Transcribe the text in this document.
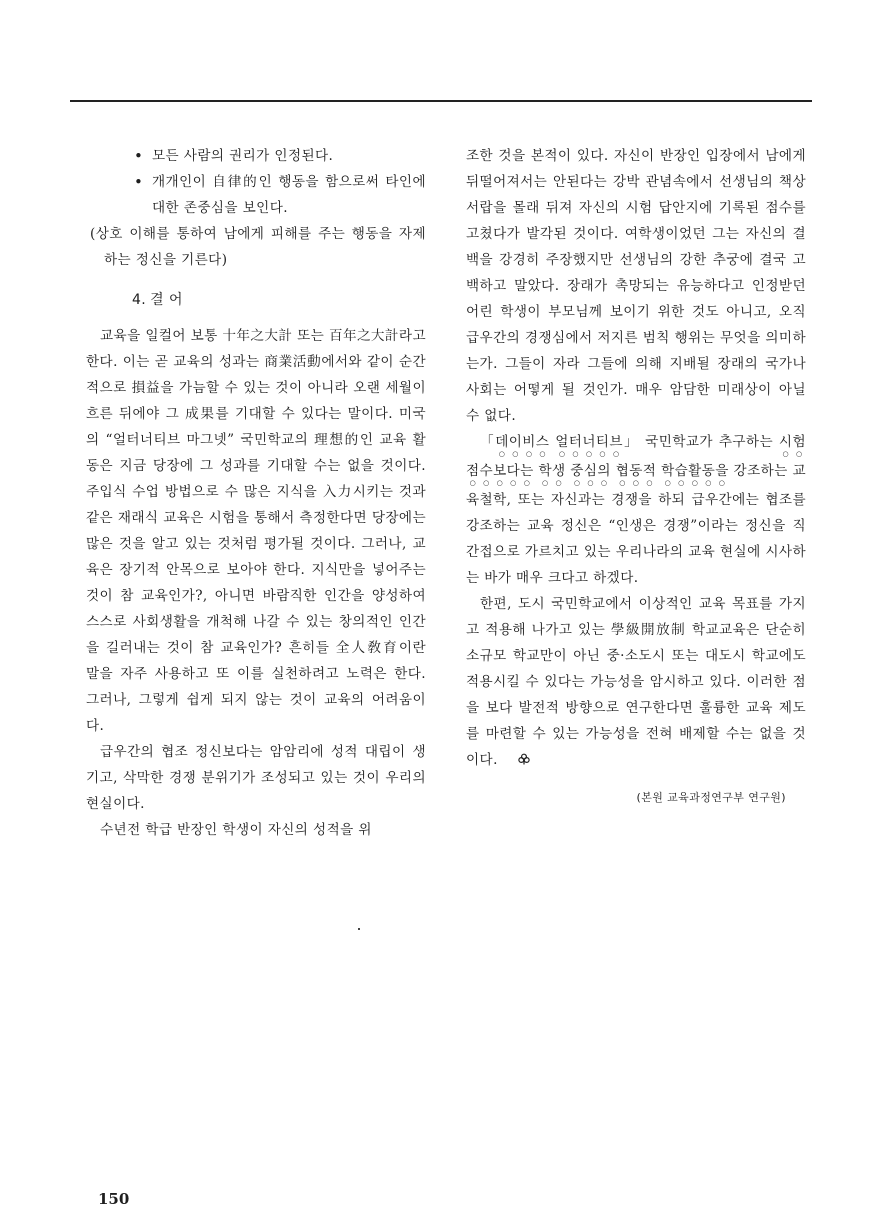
• 모든 사람의 권리가 인정된다.
• 개개인이 自律的인 행동을 함으로써 타인에 대한 존중심을 보인다.

(상호 이해를 통하여 남에게 피해를 주는 행동을 자제하는 정신을 기른다)

4. 결 어

교육을 일컬어 보통 十年之大計 또는 百年之大計라고 한다. 이는 곧 교육의 성과는 商業活動에서와 같이 순간적으로 損益을 가늠할 수 있는 것이 아니라 오랜 세월이 흐른 뒤에야 그 成果를 기대할 수 있다는 말이다. 미국의 “얼터너티브 마그넷” 국민학교의 理想的인 교육 활동은 지금 당장에 그 성과를 기대할 수는 없을 것이다. 주입식 수업 방법으로 수 많은 지식을 入力시키는 것과 같은 재래식 교육은 시험을 통해서 측정한다면 당장에는 많은 것을 알고 있는 것처럼 평가될 것이다. 그러나, 교육은 장기적 안목으로 보아야 한다. 지식만을 넣어주는 것이 참 교육인가?, 아니면 바람직한 인간을 양성하여 스스로 사회생활을 개척해 나갈 수 있는 창의적인 인간을 길러내는 것이 참 교육인가? 흔히들 全人敎育이란 말을 자주 사용하고 또 이를 실천하려고 노력은 한다. 그러나, 그렇게 쉽게 되지 않는 것이 교육의 어려움이다.

급우간의 협조 정신보다는 암암리에 성적 대립이 생기고, 삭막한 경쟁 분위기가 조성되고 있는 것이 우리의 현실이다.

수년전 학급 반장인 학생이 자신의 성적을 위

조한 것을 본적이 있다. 자신이 반장인 입장에서 남에게 뒤떨어져서는 안된다는 강박 관념속에서 선생님의 책상 서랍을 몰래 뒤져 자신의 시험 답안지에 기록된 점수를 고쳤다가 발각된 것이다. 여학생이었던 그는 자신의 결백을 강경히 주장했지만 선생님의 강한 추궁에 결국 고백하고 말았다. 장래가 촉망되는 유능하다고 인정받던 어린 학생이 부모님께 보이기 위한 것도 아니고, 오직 급우간의 경쟁심에서 저지른 범칙 행위는 무엇을 의미하는가. 그들이 자라 그들에 의해 지배될 장래의 국가나 사회는 어떻게 될 것인가. 매우 암담한 미래상이 아닐 수 없다.

「데이비스 얼터너티브」 국민학교가 추구하는 시험 점수보다는 학생 중심의 협동적 학습활동을 강조하는 교육철학, 또는 자신과는 경쟁을 하되 급우간에는 협조를 강조하는 교육 정신은 “인생은 경쟁”이라는 정신을 직간접으로 가르치고 있는 우리나라의 교육 현실에 시사하는 바가 매우 크다고 하겠다.

한편, 도시 국민학교에서 이상적인 교육 목표를 가지고 적용해 나가고 있는 學級開放制 학교교육은 단순히 소규모 학교만이 아닌 중·소도시 또는 대도시 학교에도 적용시킬 수 있다는 가능성을 암시하고 있다. 이러한 점을 보다 발전적 방향으로 연구한다면 훌륭한 교육 제도를 마련할 수 있는 가능성을 전혀 배제할 수는 없을 것이다.

(본원 교육과정연구부 연구원)

150
